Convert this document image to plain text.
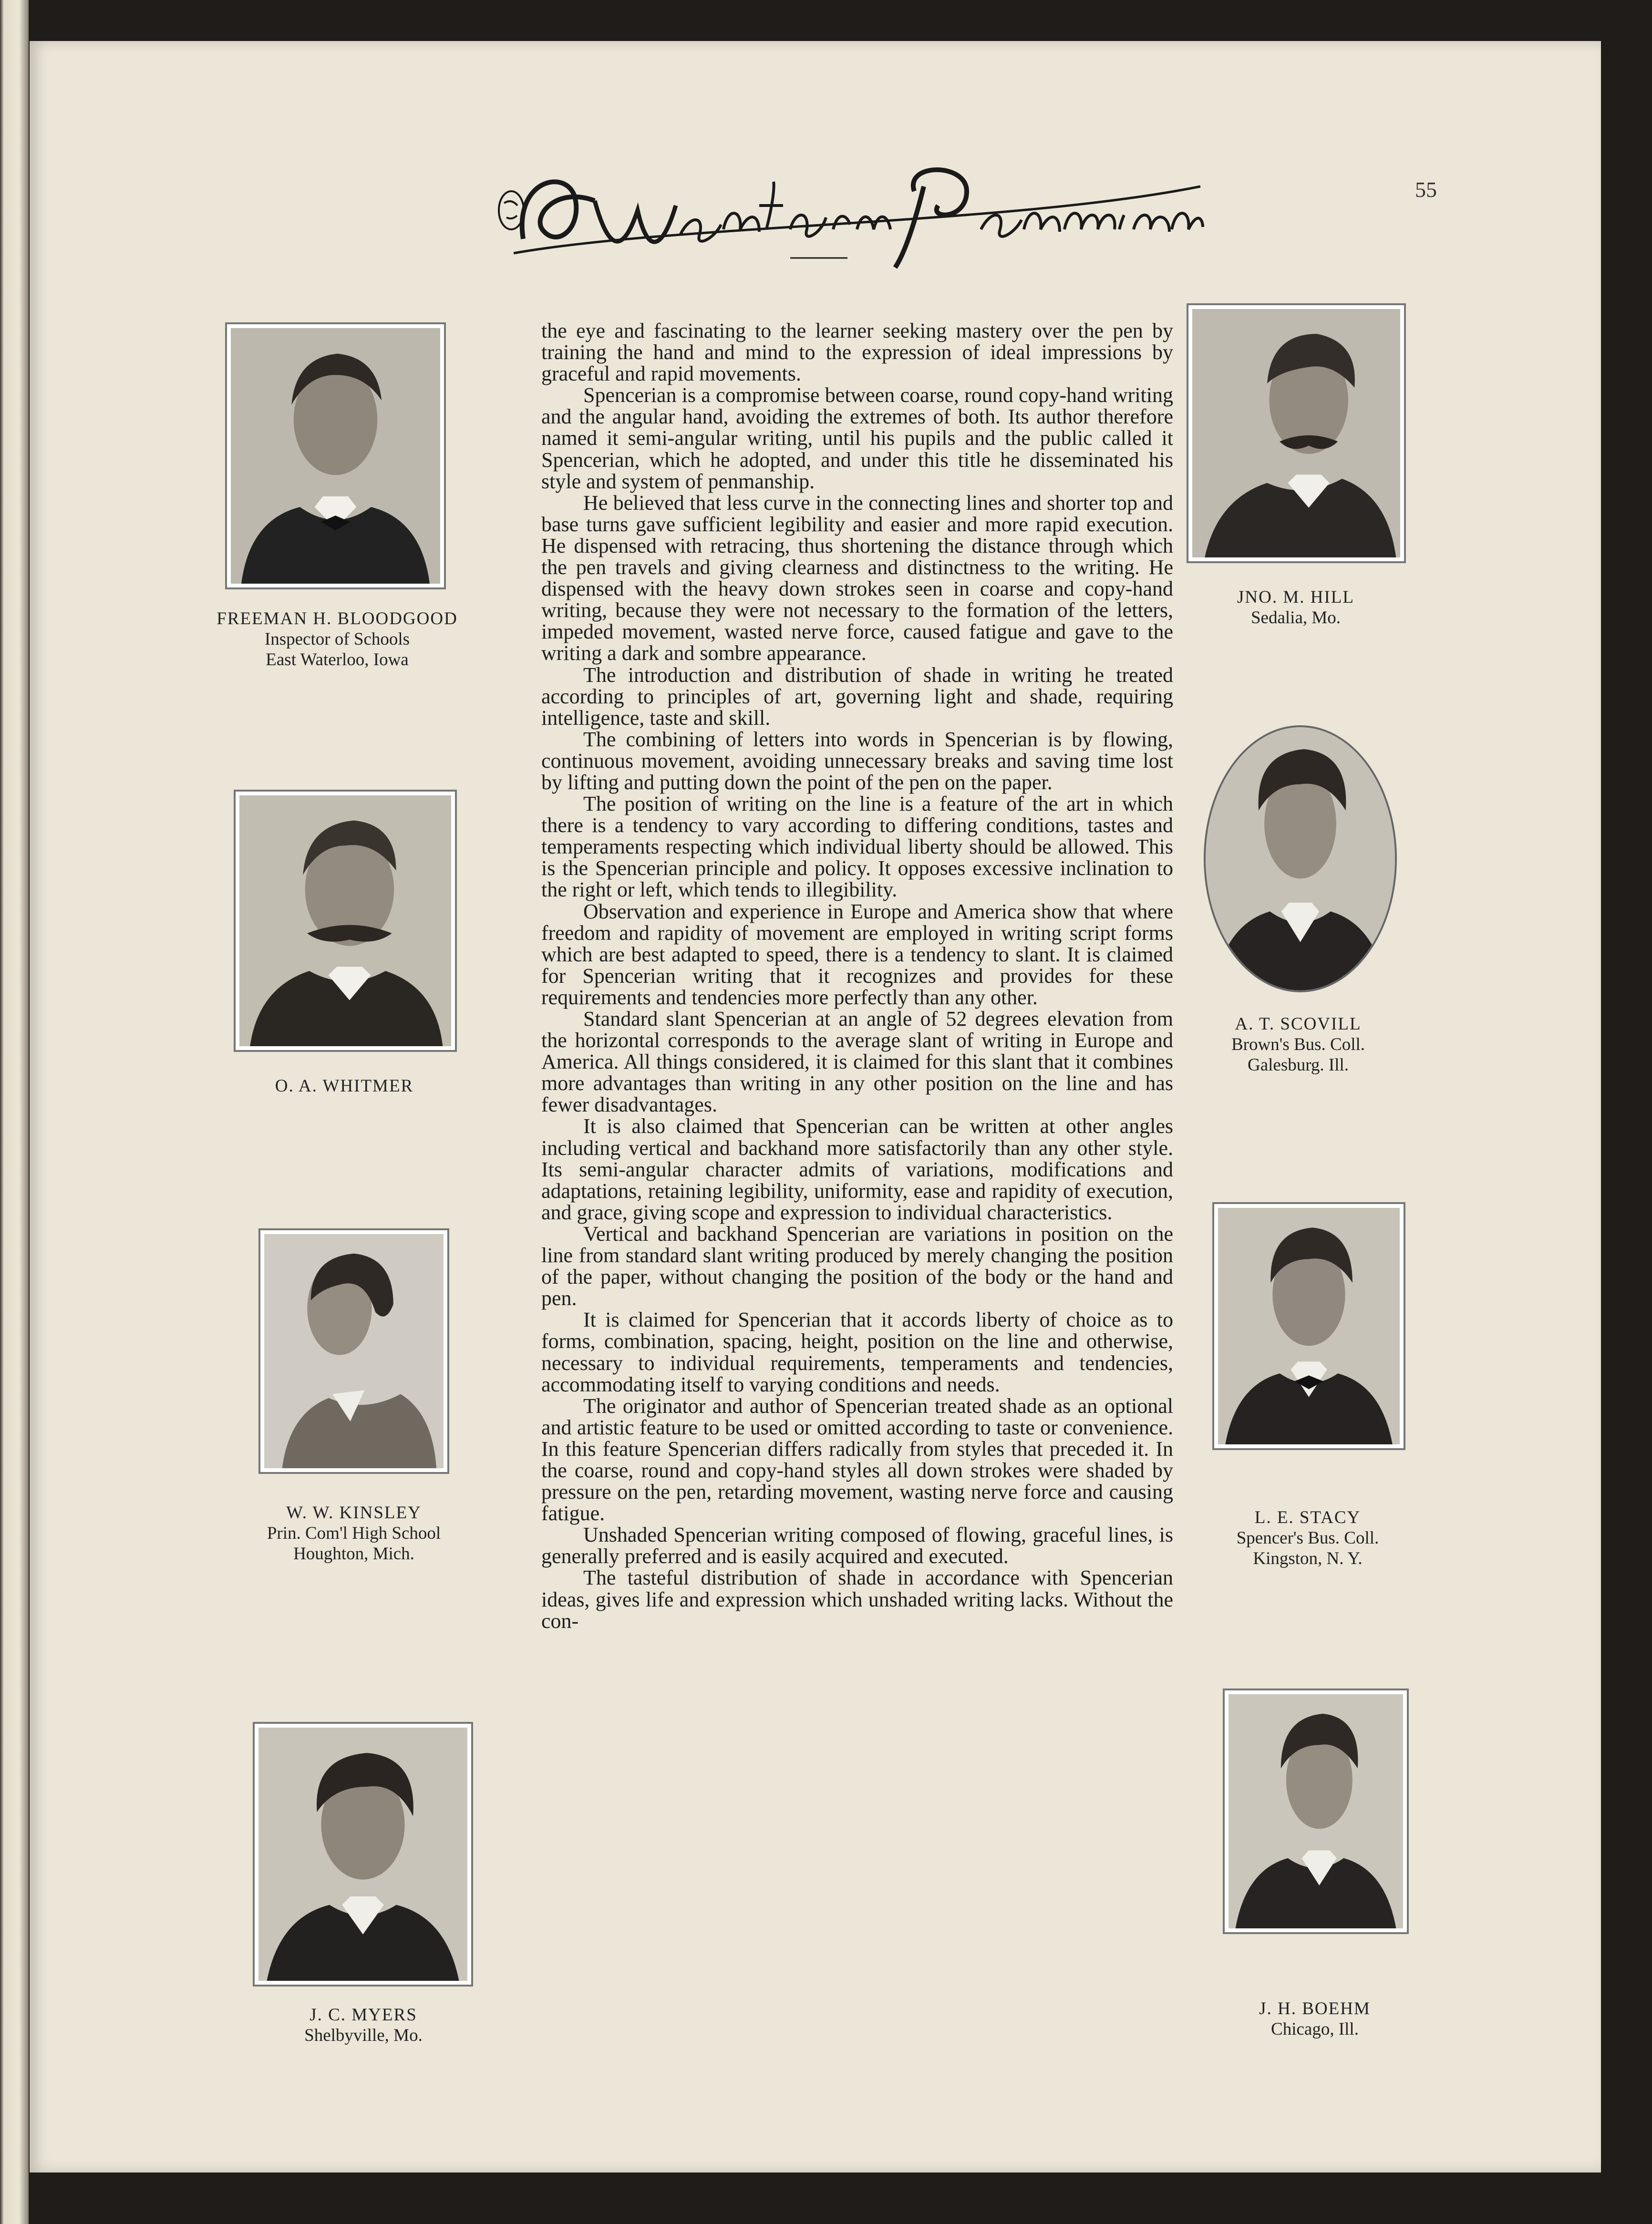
55
FREEMAN H. BLOODGOOD
Inspector of Schools
East Waterloo, Iowa
O. A. WHITMER
W. W. KINSLEY
Prin. Com'l High School
Houghton, Mich.
J. C. MYERS
Shelbyville, Mo.
JNO. M. HILL
Sedalia, Mo.
A. T. SCOVILL
Brown's Bus. Coll.
Galesburg. Ill.
L. E. STACY
Spencer's Bus. Coll.
Kingston, N. Y.
J. H. BOEHM
Chicago, Ill.

the eye and fascinating to the learner seeking mastery over the pen by training the hand and mind to the expression of ideal impressions by graceful and rapid movements.

Spencerian is a compromise between coarse, round copy-hand writing and the angular hand, avoiding the extremes of both. Its author therefore named it semi-angular writing, until his pupils and the public called it Spencerian, which he adopted, and under this title he disseminated his style and system of penmanship.

He believed that less curve in the connecting lines and shorter top and base turns gave sufficient legibility and easier and more rapid execution. He dispensed with retracing, thus shortening the distance through which the pen travels and giving clearness and distinctness to the writing. He dispensed with the heavy down strokes seen in coarse and copy-hand writing, because they were not necessary to the formation of the letters, impeded movement, wasted nerve force, caused fatigue and gave to the writing a dark and sombre appearance.

The introduction and distribution of shade in writing he treated according to principles of art, governing light and shade, requiring intelligence, taste and skill.

The combining of letters into words in Spencerian is by flowing, continuous movement, avoiding unnecessary breaks and saving time lost by lifting and putting down the point of the pen on the paper.

The position of writing on the line is a feature of the art in which there is a tendency to vary according to differing conditions, tastes and temperaments respecting which individual liberty should be allowed. This is the Spencerian principle and policy. It opposes excessive inclination to the right or left, which tends to illegibility.

Observation and experience in Europe and America show that where freedom and rapidity of movement are employed in writing script forms which are best adapted to speed, there is a tendency to slant. It is claimed for Spencerian writing that it recognizes and provides for these requirements and tendencies more perfectly than any other.

Standard slant Spencerian at an angle of 52 degrees elevation from the horizontal corresponds to the average slant of writing in Europe and America. All things considered, it is claimed for this slant that it combines more advantages than writing in any other position on the line and has fewer disadvantages.

It is also claimed that Spencerian can be written at other angles including vertical and backhand more satisfactorily than any other style. Its semi-angular character admits of variations, modifications and adaptations, retaining legibility, uniformity, ease and rapidity of execution, and grace, giving scope and expression to individual characteristics.

Vertical and backhand Spencerian are variations in position on the line from standard slant writing produced by merely changing the position of the paper, without changing the position of the body or the hand and pen.

It is claimed for Spencerian that it accords liberty of choice as to forms, combination, spacing, height, position on the line and otherwise, necessary to individual requirements, temperaments and tendencies, accommodating itself to varying conditions and needs.

The originator and author of Spencerian treated shade as an optional and artistic feature to be used or omitted according to taste or convenience. In this feature Spencerian differs radically from styles that preceded it. In the coarse, round and copy-hand styles all down strokes were shaded by pressure on the pen, retarding movement, wasting nerve force and causing fatigue.

Unshaded Spencerian writing composed of flowing, graceful lines, is generally preferred and is easily acquired and executed.

The tasteful distribution of shade in accordance with Spencerian ideas, gives life and expression which unshaded writing lacks. Without the con-
